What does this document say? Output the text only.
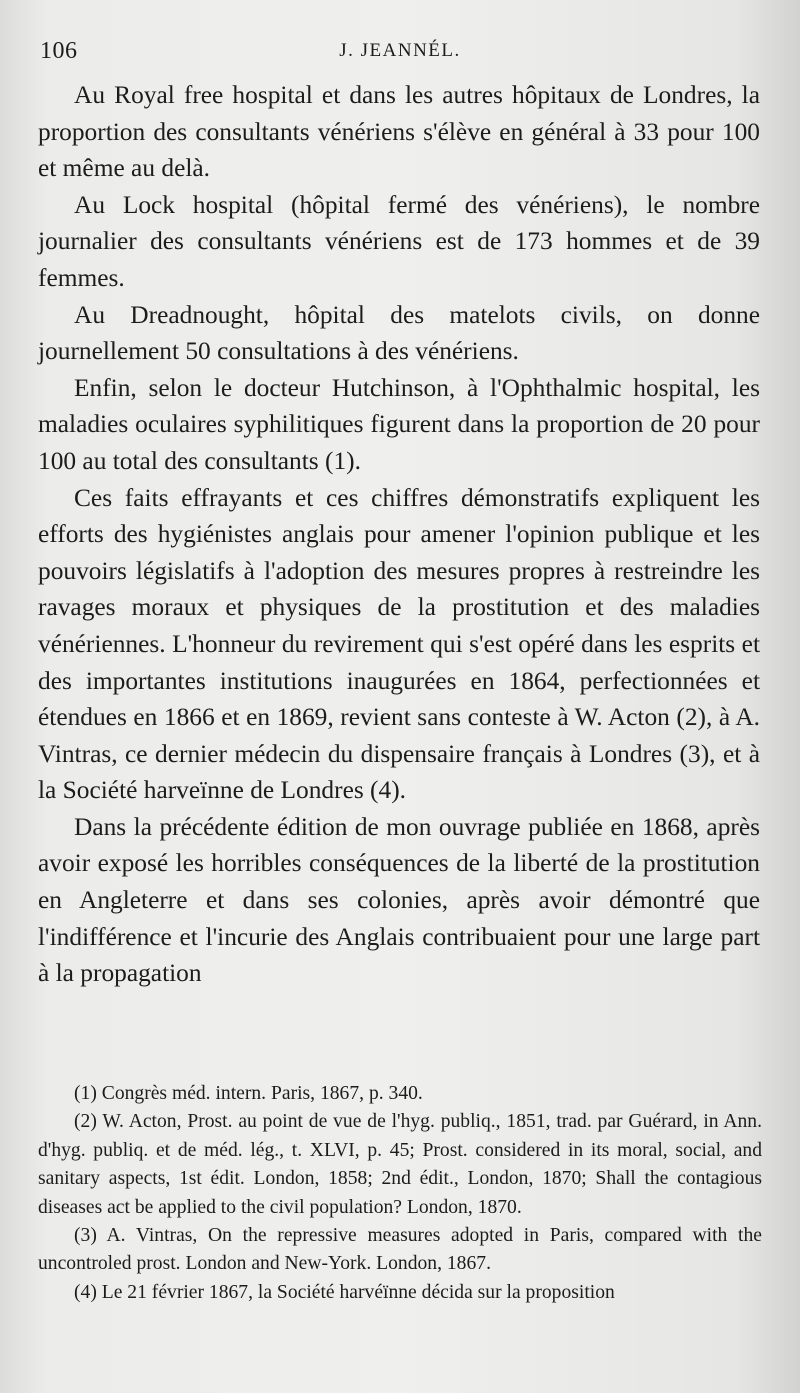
106	J. JEANNÉL.

Au Royal free hospital et dans les autres hôpitaux de Londres, la proportion des consultants vénériens s'élève en général à 33 pour 100 et même au delà.

Au Lock hospital (hôpital fermé des vénériens), le nombre journalier des consultants vénériens est de 173 hommes et de 39 femmes.

Au Dreadnought, hôpital des matelots civils, on donne journellement 50 consultations à des vénériens.

Enfin, selon le docteur Hutchinson, à l'Ophthalmic hospital, les maladies oculaires syphilitiques figurent dans la proportion de 20 pour 100 au total des consultants (1).

Ces faits effrayants et ces chiffres démonstratifs expliquent les efforts des hygiénistes anglais pour amener l'opinion publique et les pouvoirs législatifs à l'adoption des mesures propres à restreindre les ravages moraux et physiques de la prostitution et des maladies vénériennes. L'honneur du revirement qui s'est opéré dans les esprits et des importantes institutions inaugurées en 1864, perfectionnées et étendues en 1866 et en 1869, revient sans conteste à W. Acton (2), à A. Vintras, ce dernier médecin du dispensaire français à Londres (3), et à la Société harveïnne de Londres (4).

Dans la précédente édition de mon ouvrage publiée en 1868, après avoir exposé les horribles conséquences de la liberté de la prostitution en Angleterre et dans ses colonies, après avoir démontré que l'indifférence et l'incurie des Anglais contribuaient pour une large part à la propagation

(1) Congrès méd. intern. Paris, 1867, p. 340.

(2) W. Acton, Prost. au point de vue de l'hyg. publiq., 1851, trad. par Guérard, in Ann. d'hyg. publiq. et de méd. lég., t. XLVI, p. 45; Prost. considered in its moral, social, and sanitary aspects, 1st édit. London, 1858; 2nd édit., London, 1870; Shall the contagious diseases act be applied to the civil population? London, 1870.

(3) A. Vintras, On the repressive measures adopted in Paris, compared with the uncontroled prost. London and New-York. London, 1867.

(4) Le 21 février 1867, la Société harvéïnne décida sur la proposition
